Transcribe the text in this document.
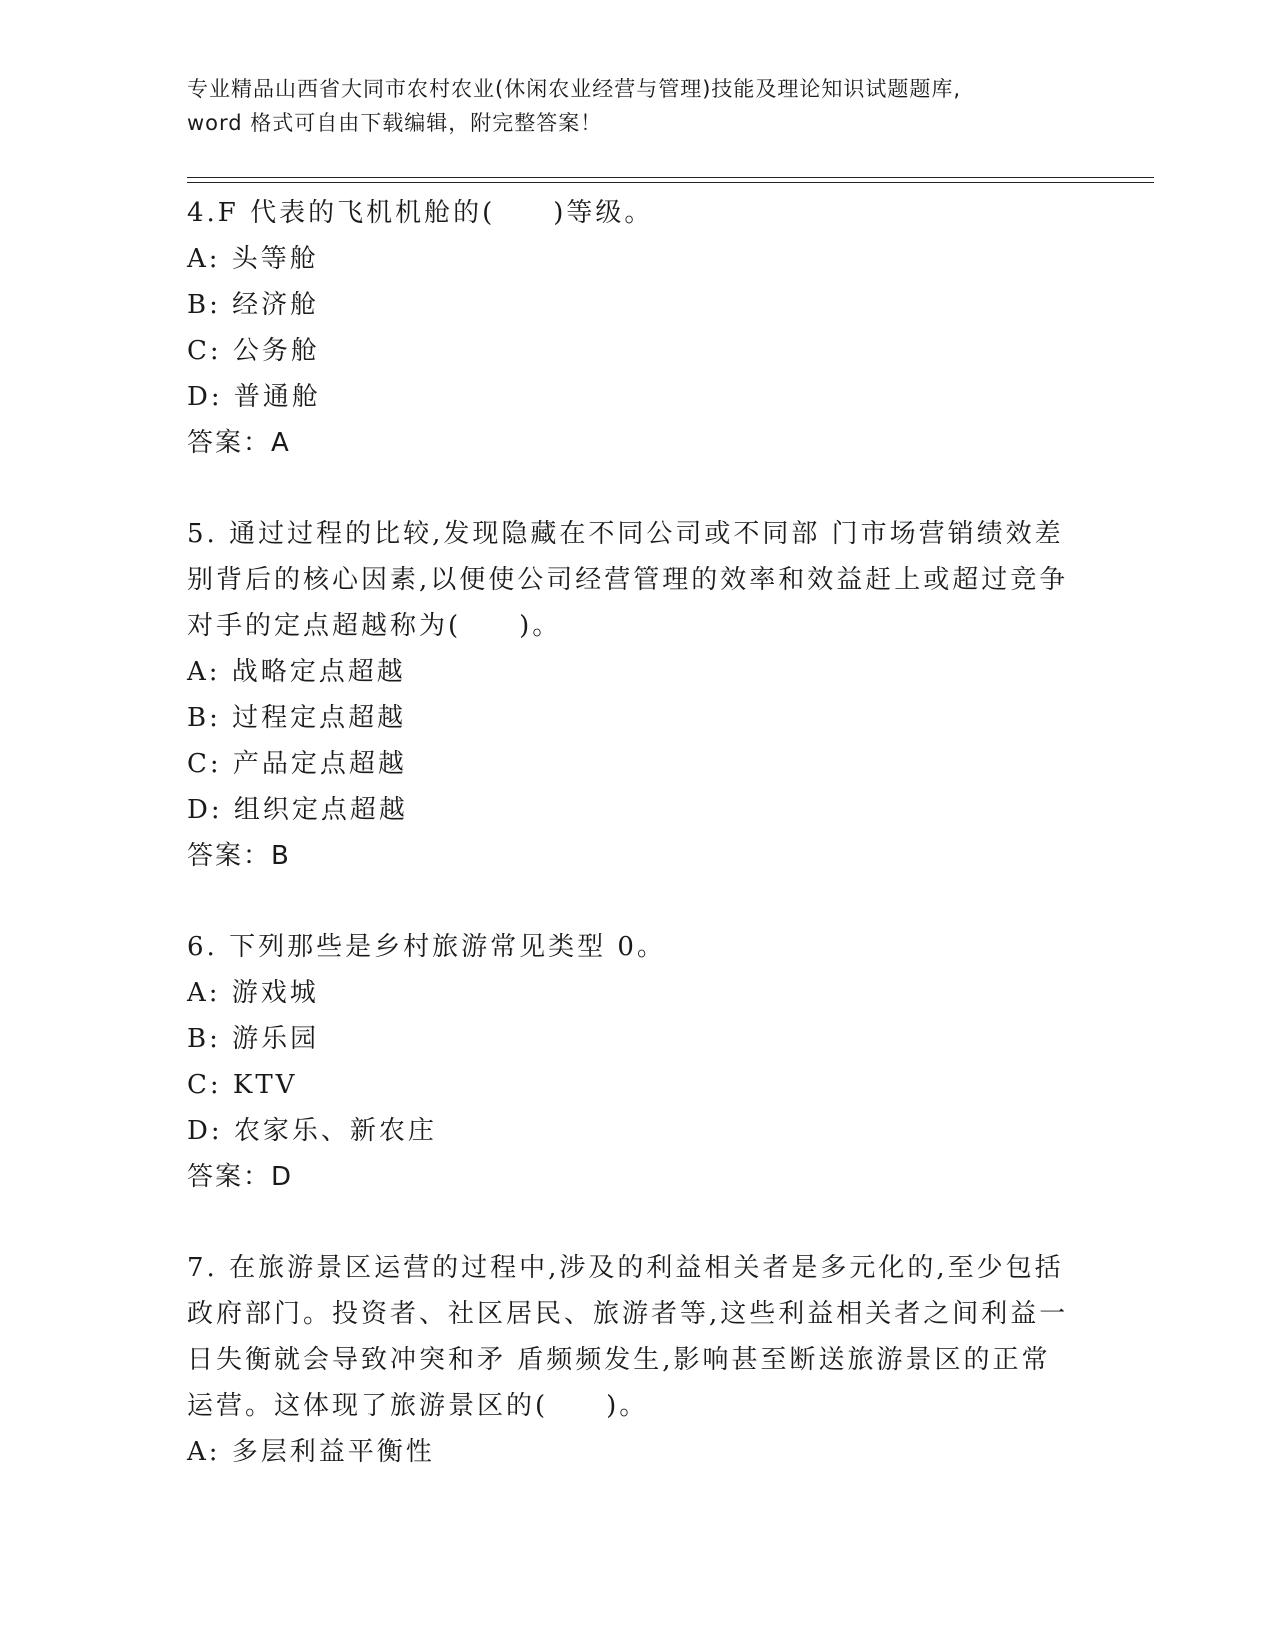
专业精品山西省大同市农村农业(休闲农业经营与管理)技能及理论知识试题题库,
word 格式可自由下载编辑，附完整答案！
4.F 代表的飞机机舱的(　　)等级。
A: 头等舱
B: 经济舱
C: 公务舱
D: 普通舱
答案：A
5. 通过过程的比较,发现隐藏在不同公司或不同部 门市场营销绩效差
别背后的核心因素,以便使公司经营管理的效率和效益赶上或超过竞争
对手的定点超越称为(　　)。
A: 战略定点超越
B: 过程定点超越
C: 产品定点超越
D: 组织定点超越
答案：B
6. 下列那些是乡村旅游常见类型 0。
A: 游戏城
B: 游乐园
C: KTV
D: 农家乐、新农庄
答案：D
7. 在旅游景区运营的过程中,涉及的利益相关者是多元化的,至少包括
政府部门。投资者、社区居民、旅游者等,这些利益相关者之间利益一
日失衡就会导致冲突和矛 盾频频发生,影响甚至断送旅游景区的正常
运营。这体现了旅游景区的(　　)。
A: 多层利益平衡性
